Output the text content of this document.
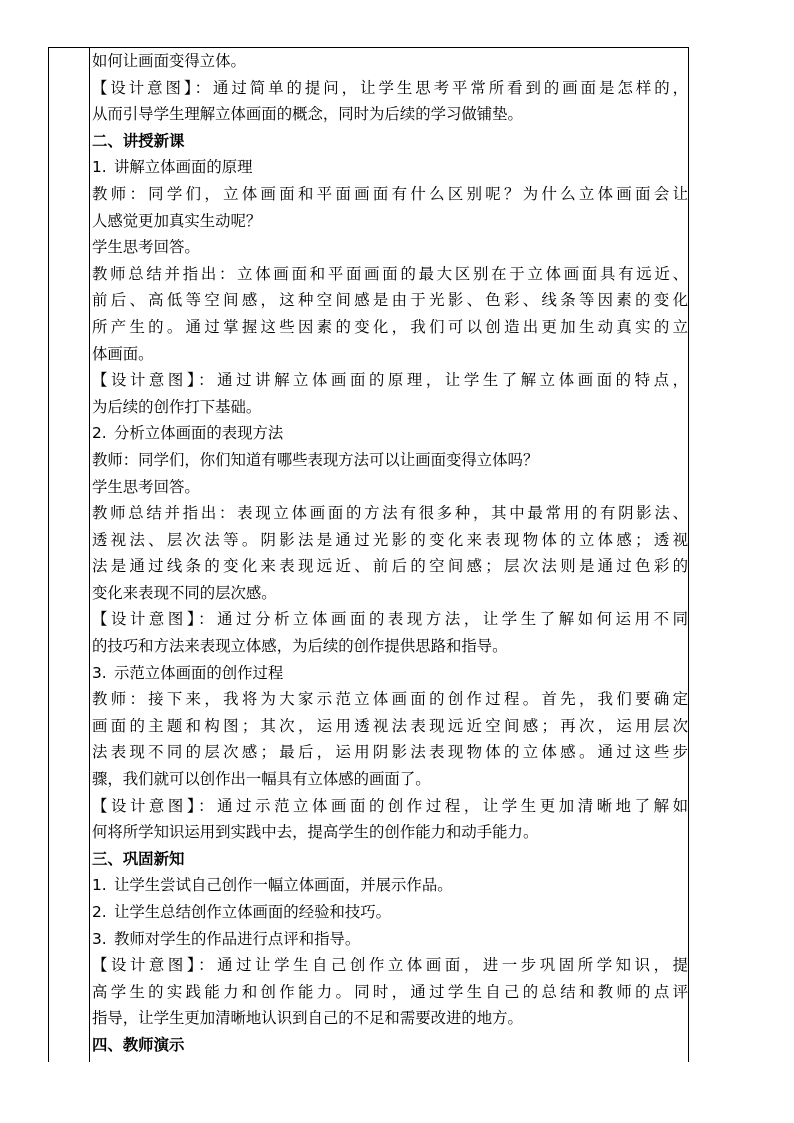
如何让画面变得立体。
【设计意图】：通过简单的提问，让学生思考平常所看到的画面是怎样的，
从而引导学生理解立体画面的概念，同时为后续的学习做铺垫。
二、讲授新课
1. 讲解立体画面的原理
教师：同学们，立体画面和平面画面有什么区别呢？为什么立体画面会让
人感觉更加真实生动呢？
学生思考回答。
教师总结并指出：立体画面和平面画面的最大区别在于立体画面具有远近、
前后、高低等空间感，这种空间感是由于光影、色彩、线条等因素的变化
所产生的。通过掌握这些因素的变化，我们可以创造出更加生动真实的立
体画面。
【设计意图】：通过讲解立体画面的原理，让学生了解立体画面的特点，
为后续的创作打下基础。
2. 分析立体画面的表现方法
教师：同学们，你们知道有哪些表现方法可以让画面变得立体吗？
学生思考回答。
教师总结并指出：表现立体画面的方法有很多种，其中最常用的有阴影法、
透视法、层次法等。阴影法是通过光影的变化来表现物体的立体感；透视
法是通过线条的变化来表现远近、前后的空间感；层次法则是通过色彩的
变化来表现不同的层次感。
【设计意图】：通过分析立体画面的表现方法，让学生了解如何运用不同
的技巧和方法来表现立体感，为后续的创作提供思路和指导。
3. 示范立体画面的创作过程
教师：接下来，我将为大家示范立体画面的创作过程。首先，我们要确定
画面的主题和构图；其次，运用透视法表现远近空间感；再次，运用层次
法表现不同的层次感；最后，运用阴影法表现物体的立体感。通过这些步
骤，我们就可以创作出一幅具有立体感的画面了。
【设计意图】：通过示范立体画面的创作过程，让学生更加清晰地了解如
何将所学知识运用到实践中去，提高学生的创作能力和动手能力。
三、巩固新知
1. 让学生尝试自己创作一幅立体画面，并展示作品。
2. 让学生总结创作立体画面的经验和技巧。
3. 教师对学生的作品进行点评和指导。
【设计意图】：通过让学生自己创作立体画面，进一步巩固所学知识，提
高学生的实践能力和创作能力。同时，通过学生自己的总结和教师的点评
指导，让学生更加清晰地认识到自己的不足和需要改进的地方。
四、教师演示
